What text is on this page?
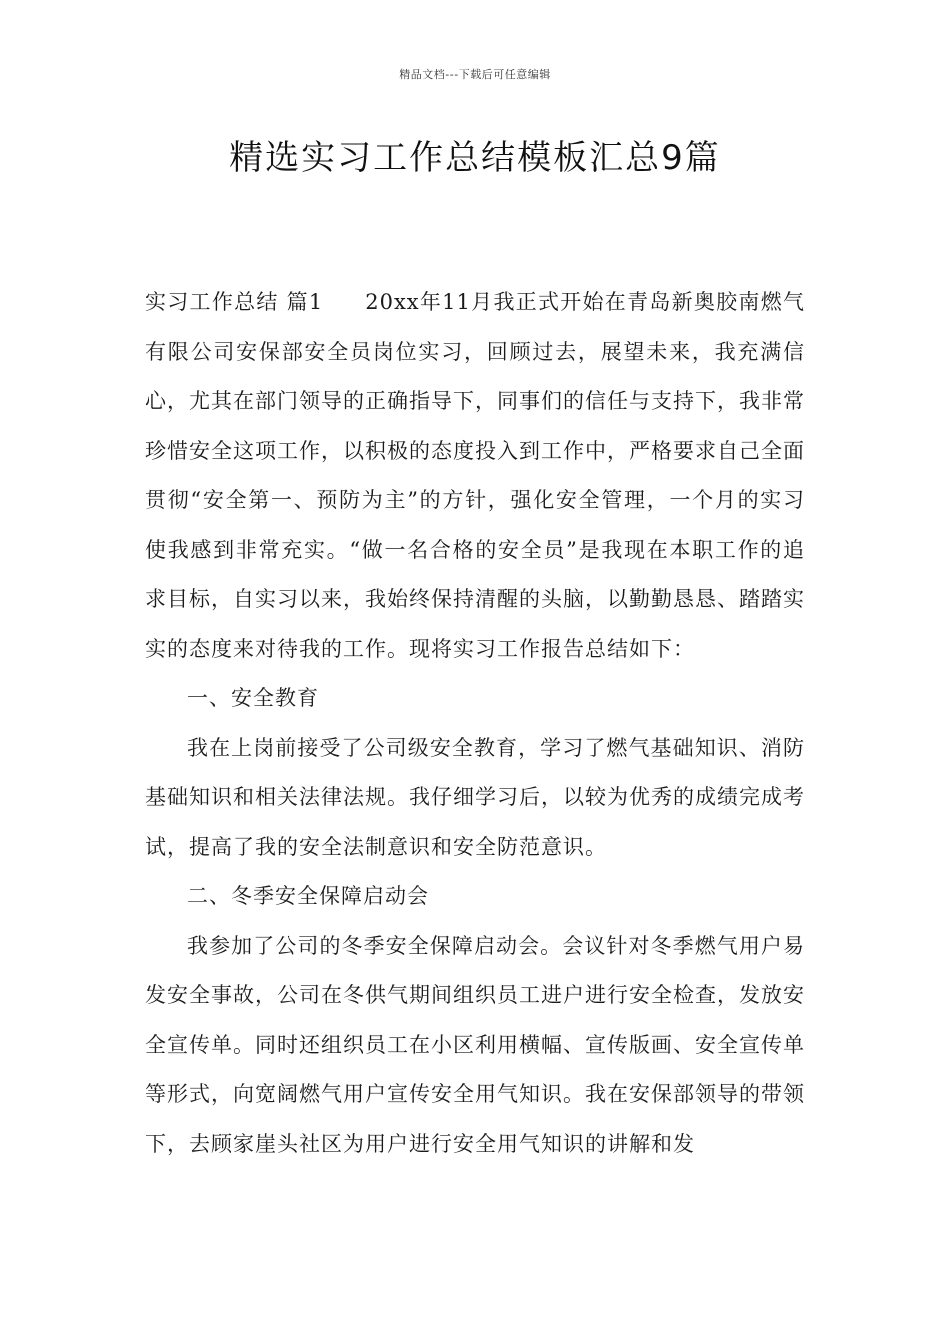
精品文档---下载后可任意编辑
精选实习工作总结模板汇总9篇

实习工作总结 篇1 20xx年11月我正式开始在青岛新奥胶南燃气有限公司安保部安全员岗位实习，回顾过去，展望未来，我充满信心，尤其在部门领导的正确指导下，同事们的信任与支持下，我非常珍惜安全这项工作，以积极的态度投入到工作中，严格要求自己全面贯彻“安全第一、预防为主”的方针，强化安全管理，一个月的实习使我感到非常充实。“做一名合格的安全员”是我现在本职工作的追求目标，自实习以来，我始终保持清醒的头脑，以勤勤恳恳、踏踏实实的态度来对待我的工作。现将实习工作报告总结如下：

一、安全教育

我在上岗前接受了公司级安全教育，学习了燃气基础知识、消防基础知识和相关法律法规。我仔细学习后，以较为优秀的成绩完成考试，提高了我的安全法制意识和安全防范意识。

二、冬季安全保障启动会

我参加了公司的冬季安全保障启动会。会议针对冬季燃气用户易发安全事故，公司在冬供气期间组织员工进户进行安全检查，发放安全宣传单。同时还组织员工在小区利用横幅、宣传版画、安全宣传单等形式，向宽阔燃气用户宣传安全用气知识。我在安保部领导的带领下，去顾家崖头社区为用户进行安全用气知识的讲解和发
